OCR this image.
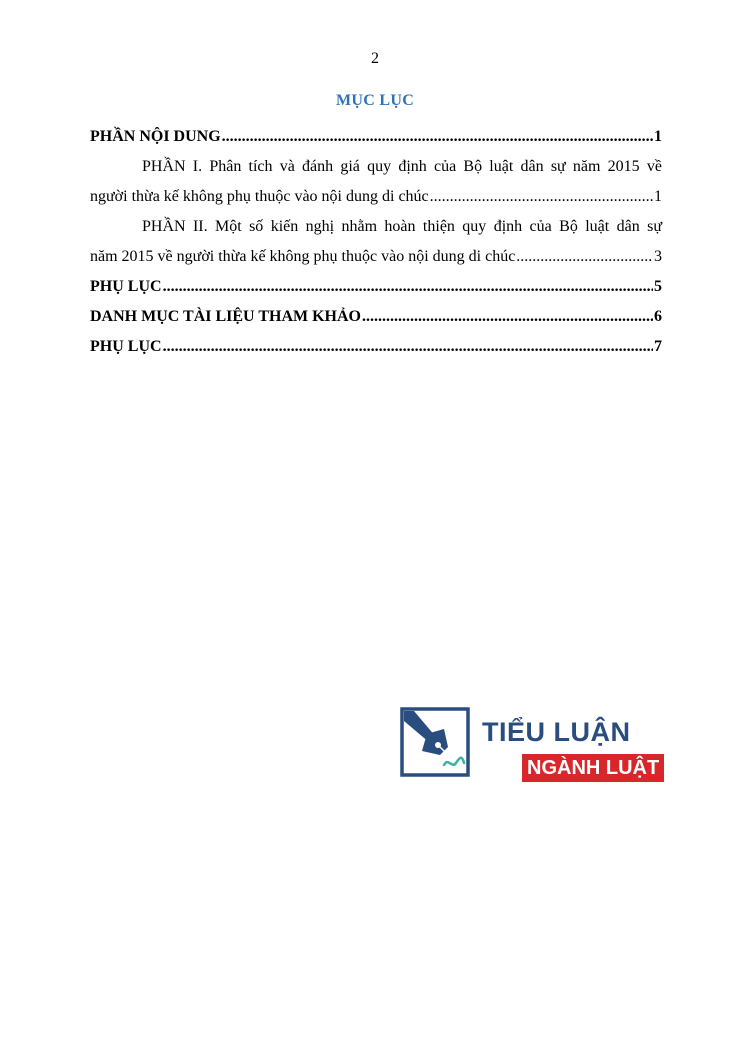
2
MỤC LỤC
PHẦN NỘI DUNG .....	1
PHẦN I. Phân tích và đánh giá quy định của Bộ luật dân sự năm 2015 về
người thừa kế không phụ thuộc vào nội dung di chúc .....	1
PHẦN II. Một số kiến nghị nhằm hoàn thiện quy định của Bộ luật dân sự
năm 2015 về người thừa kế không phụ thuộc vào nội dung di chúc .....	3
PHỤ LỤC .....	5
DANH MỤC TÀI LIỆU THAM KHẢO .....	6
PHỤ LỤC .....	7
TIỂU LUẬN
NGÀNH LUẬT
